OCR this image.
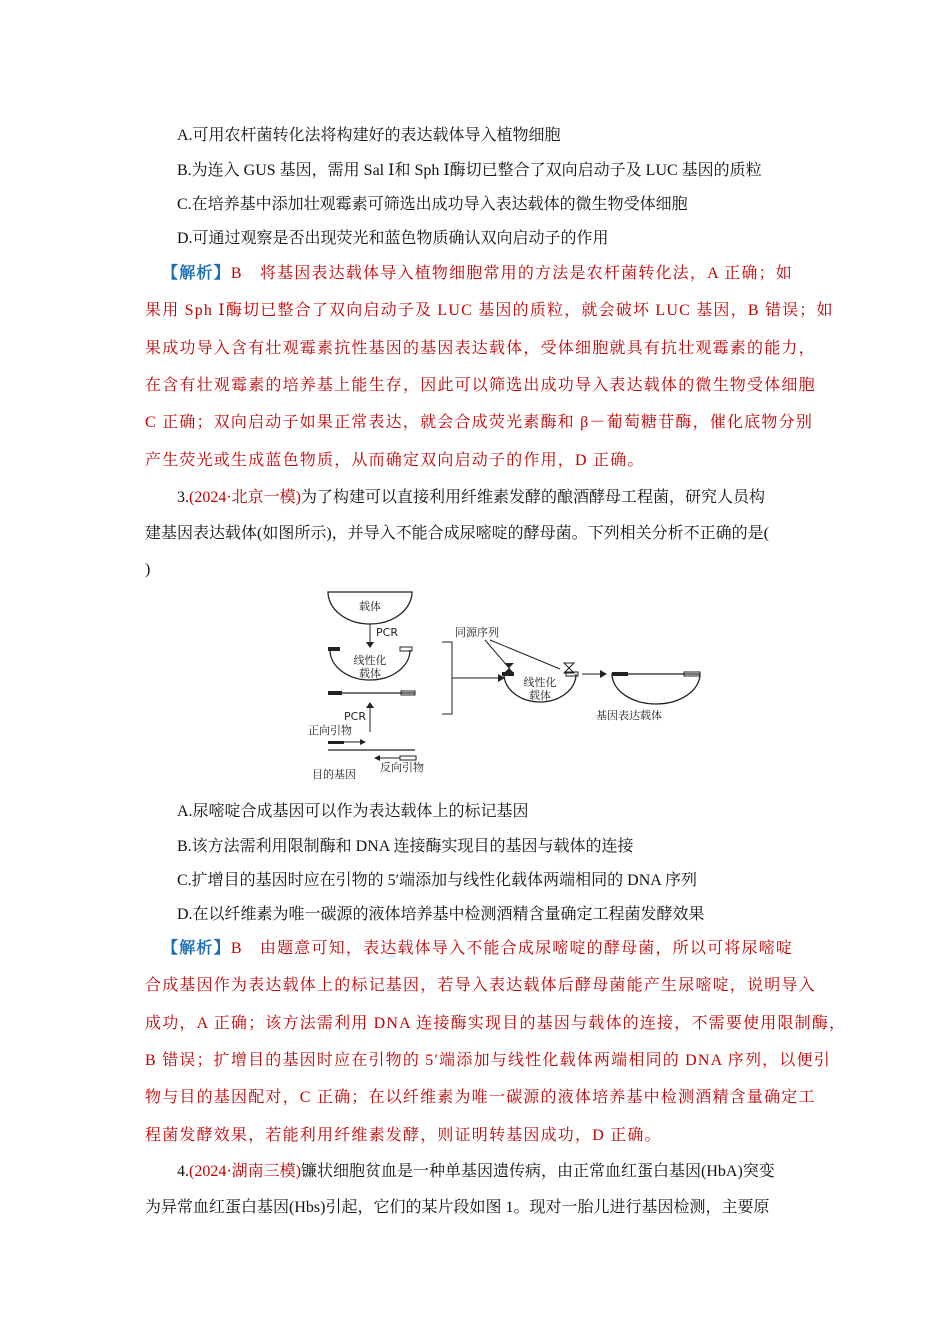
A.可用农杆菌转化法将构建好的表达载体导入植物细胞
B.为连入 GUS 基因，需用 Sal Ⅰ和 Sph Ⅰ酶切已整合了双向启动子及 LUC 基因的质粒
C.在培养基中添加壮观霉素可筛选出成功导入表达载体的微生物受体细胞
D.可通过观察是否出现荧光和蓝色物质确认双向启动子的作用
【解析】B　将基因表达载体导入植物细胞常用的方法是农杆菌转化法，A 正确；如
果用 Sph Ⅰ酶切已整合了双向启动子及 LUC 基因的质粒，就会破坏 LUC 基因，B 错误；如
果成功导入含有壮观霉素抗性基因的基因表达载体，受体细胞就具有抗壮观霉素的能力，
在含有壮观霉素的培养基上能生存，因此可以筛选出成功导入表达载体的微生物受体细胞
C 正确；双向启动子如果正常表达，就会合成荧光素酶和 β－葡萄糖苷酶，催化底物分别
产生荧光或生成蓝色物质，从而确定双向启动子的作用，D 正确。
3.(2024·北京一模)为了构建可以直接利用纤维素发酵的酿酒酵母工程菌，研究人员构
建基因表达载体(如图所示)，并导入不能合成尿嘧啶的酵母菌。下列相关分析不正确的是(
)
载体
PCR
线性化
载体
PCR
正向引物
目的基因
反向引物
同源序列
线性化
载体
基因表达载体
A.尿嘧啶合成基因可以作为表达载体上的标记基因
B.该方法需利用限制酶和 DNA 连接酶实现目的基因与载体的连接
C.扩增目的基因时应在引物的 5′端添加与线性化载体两端相同的 DNA 序列
D.在以纤维素为唯一碳源的液体培养基中检测酒精含量确定工程菌发酵效果
【解析】B　由题意可知，表达载体导入不能合成尿嘧啶的酵母菌，所以可将尿嘧啶
合成基因作为表达载体上的标记基因，若导入表达载体后酵母菌能产生尿嘧啶，说明导入
成功，A 正确；该方法需利用 DNA 连接酶实现目的基因与载体的连接，不需要使用限制酶，
B 错误；扩增目的基因时应在引物的 5′端添加与线性化载体两端相同的 DNA 序列，以便引
物与目的基因配对，C 正确；在以纤维素为唯一碳源的液体培养基中检测酒精含量确定工
程菌发酵效果，若能利用纤维素发酵，则证明转基因成功，D 正确。
4.(2024·湖南三模)镰状细胞贫血是一种单基因遗传病，由正常血红蛋白基因(HbA)突变
为异常血红蛋白基因(Hbs)引起，它们的某片段如图 1。现对一胎儿进行基因检测，主要原
